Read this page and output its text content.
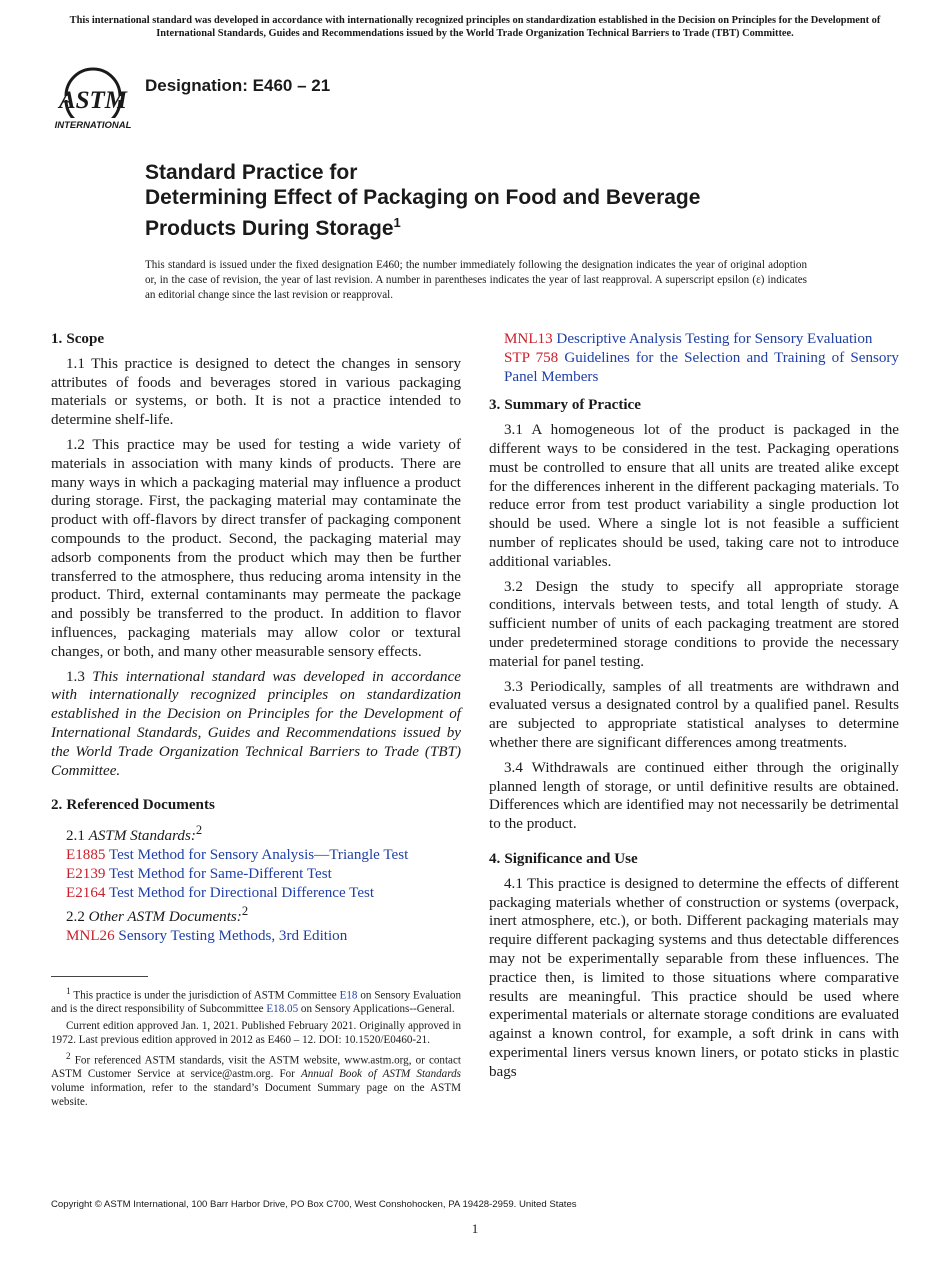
This international standard was developed in accordance with internationally recognized principles on standardization established in the Decision on Principles for the Development of International Standards, Guides and Recommendations issued by the World Trade Organization Technical Barriers to Trade (TBT) Committee.
ASTM
INTERNATIONAL
Designation: E460 – 21
Standard Practice for
Determining Effect of Packaging on Food and Beverage
Products During Storage$^1$
This standard is issued under the fixed designation E460; the number immediately following the designation indicates the year of original adoption or, in the case of revision, the year of last revision. A number in parentheses indicates the year of last reapproval. A superscript epsilon (ε) indicates an editorial change since the last revision or reapproval.
1. Scope

1.1 This practice is designed to detect the changes in sensory attributes of foods and beverages stored in various packaging materials or systems, or both. It is not a practice intended to determine shelf-life.

1.2 This practice may be used for testing a wide variety of materials in association with many kinds of products. There are many ways in which a packaging material may influence a product during storage. First, the packaging material may contaminate the product with off-flavors by direct transfer of packaging component compounds to the product. Second, the packaging material may adsorb components from the product which may then be further transferred to the atmosphere, thus reducing aroma intensity in the product. Third, external contaminants may permeate the package and possibly be transferred to the product. In addition to flavor influences, packaging materials may allow color or textural changes, or both, and many other measurable sensory effects.

1.3 This international standard was developed in accordance with internationally recognized principles on standardization established in the Decision on Principles for the Development of International Standards, Guides and Recommendations issued by the World Trade Organization Technical Barriers to Trade (TBT) Committee.

2. Referenced Documents
2.1 ASTM Standards:$^2$
E1885 Test Method for Sensory Analysis—Triangle Test
E2139 Test Method for Same-Different Test
E2164 Test Method for Directional Difference Test
2.2 Other ASTM Documents:$^2$
MNL26 Sensory Testing Methods, 3rd Edition

$^1$ This practice is under the jurisdiction of ASTM Committee E18 on Sensory Evaluation and is the direct responsibility of Subcommittee E18.05 on Sensory Applications--General.

Current edition approved Jan. 1, 2021. Published February 2021. Originally approved in 1972. Last previous edition approved in 2012 as E460 – 12. DOI: 10.1520/E0460-21.

$^2$ For referenced ASTM standards, visit the ASTM website, www.astm.org, or contact ASTM Customer Service at service@astm.org. For Annual Book of ASTM Standards volume information, refer to the standard’s Document Summary page on the ASTM website.

MNL13 Descriptive Analysis Testing for Sensory Evaluation
STP 758 Guidelines for the Selection and Training of Sensory Panel Members
3. Summary of Practice

3.1 A homogeneous lot of the product is packaged in the different ways to be considered in the test. Packaging operations must be controlled to ensure that all units are treated alike except for the differences inherent in the different packaging materials. To reduce error from test product variability a single production lot should be used. Where a single lot is not feasible a sufficient number of replicates should be used, taking care not to introduce additional variables.

3.2 Design the study to specify all appropriate storage conditions, intervals between tests, and total length of study. A sufficient number of units of each packaging treatment are stored under predetermined storage conditions to provide the necessary material for panel testing.

3.3 Periodically, samples of all treatments are withdrawn and evaluated versus a designated control by a qualified panel. Results are subjected to appropriate statistical analyses to determine whether there are significant differences among treatments.

3.4 Withdrawals are continued either through the originally planned length of storage, or until definitive results are obtained. Differences which are identified may not necessarily be detrimental to the product.

4. Significance and Use

4.1 This practice is designed to determine the effects of different packaging materials whether of construction or systems (overpack, inert atmosphere, etc.), or both. Different packaging materials may require different packaging systems and thus detectable differences may not be experimentally separable from these influences. The practice then, is limited to those situations where comparative results are meaningful. This practice should be used where experimental materials or alternate storage conditions are evaluated against a known control, for example, a soft drink in cans with experimental liners versus known liners, or potato sticks in plastic bags

Copyright © ASTM International, 100 Barr Harbor Drive, PO Box C700, West Conshohocken, PA 19428-2959. United States
1
